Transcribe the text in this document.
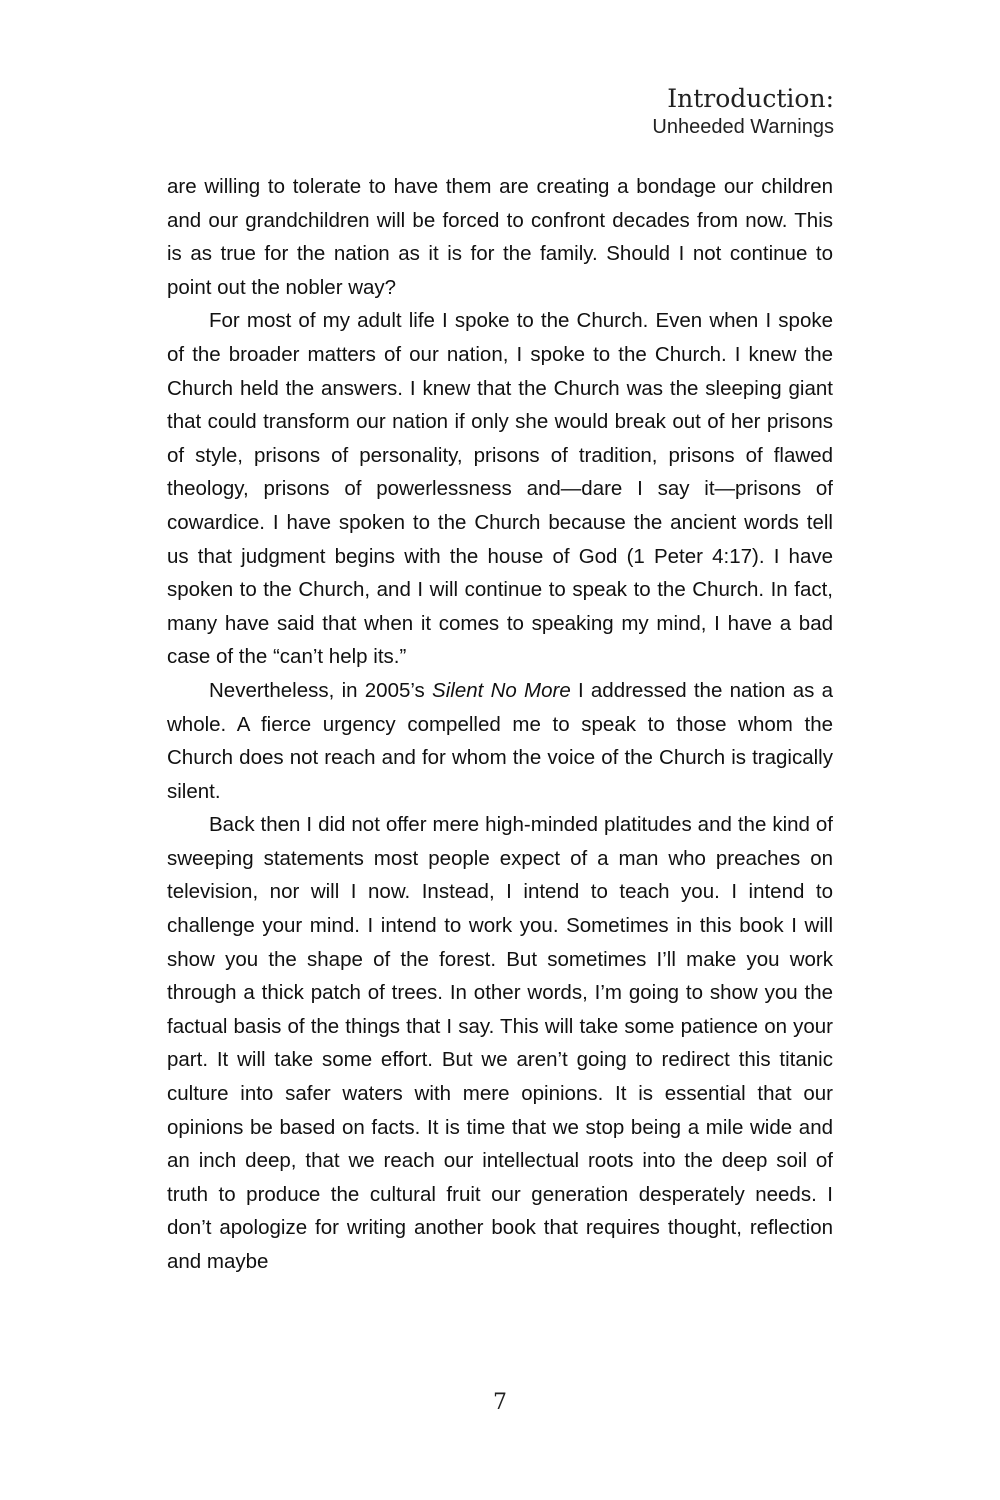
Introduction:
Unheeded Warnings

are willing to tolerate to have them are creating a bondage our children and our grandchildren will be forced to confront decades from now. This is as true for the nation as it is for the family. Should I not continue to point out the nobler way?

For most of my adult life I spoke to the Church. Even when I spoke of the broader matters of our nation, I spoke to the Church. I knew the Church held the answers. I knew that the Church was the sleeping giant that could transform our nation if only she would break out of her prisons of style, prisons of personality, prisons of tradition, prisons of flawed theology, prisons of powerlessness and—dare I say it—prisons of cowardice. I have spoken to the Church because the ancient words tell us that judgment begins with the house of God (1 Peter 4:17). I have spoken to the Church, and I will continue to speak to the Church. In fact, many have said that when it comes to speaking my mind, I have a bad case of the “can’t help its.”

Nevertheless, in 2005’s Silent No More I addressed the nation as a whole. A fierce urgency compelled me to speak to those whom the Church does not reach and for whom the voice of the Church is tragically silent.

Back then I did not offer mere high-minded platitudes and the kind of sweeping statements most people expect of a man who preaches on television, nor will I now. Instead, I intend to teach you. I intend to challenge your mind. I intend to work you. Sometimes in this book I will show you the shape of the forest. But sometimes I’ll make you work through a thick patch of trees. In other words, I’m going to show you the factual basis of the things that I say. This will take some patience on your part. It will take some effort. But we aren’t going to redirect this titanic culture into safer waters with mere opinions. It is essential that our opinions be based on facts. It is time that we stop being a mile wide and an inch deep, that we reach our intellectual roots into the deep soil of truth to produce the cultural fruit our generation desperately needs. I don’t apologize for writing another book that requires thought, reflection and maybe

7
